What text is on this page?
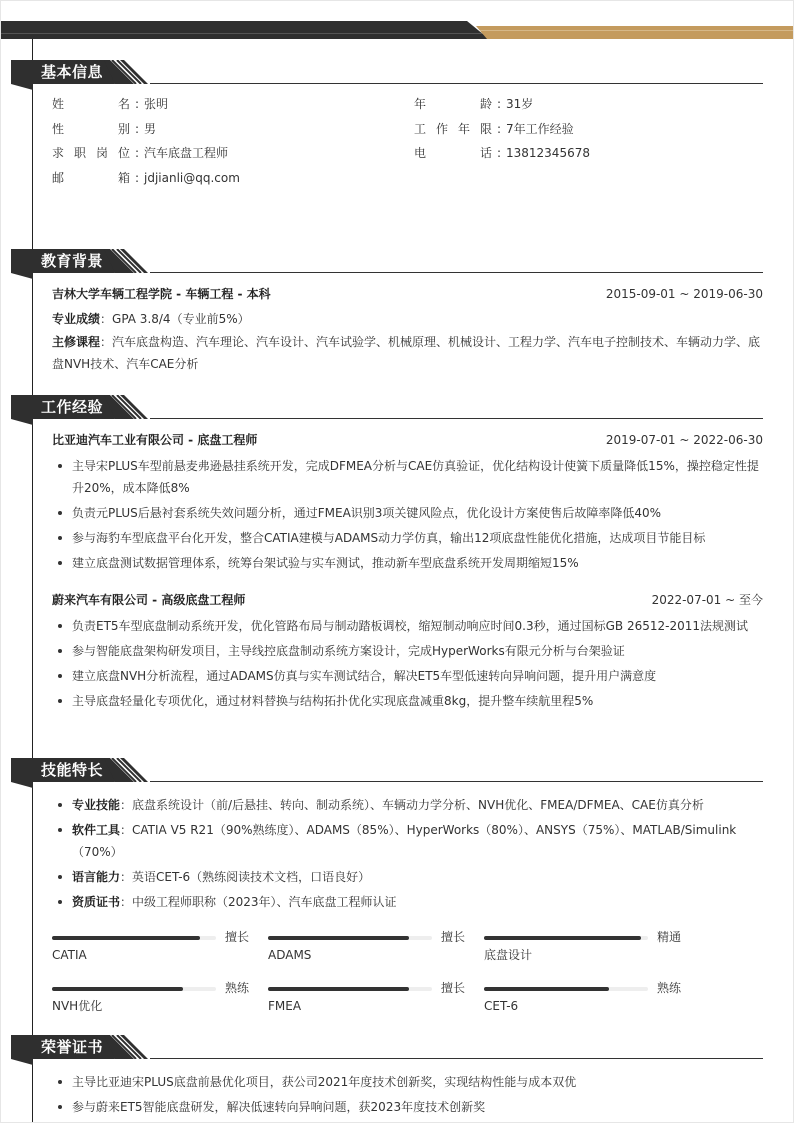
基本信息
姓名 : 张明
性别 : 男
求职岗位 : 汽车底盘工程师
邮箱 : jdjianli@qq.com
年龄 : 31岁
工作年限 : 7年工作经验
电话 : 13812345678
教育背景
吉林大学车辆工程学院 - 车辆工程 - 本科	2015-09-01 ~ 2019-06-30
专业成绩：GPA 3.8/4（专业前5%）
主修课程：汽车底盘构造、汽车理论、汽车设计、汽车试验学、机械原理、机械设计、工程力学、汽车电子控制技术、车辆动力学、底盘NVH技术、汽车CAE分析
工作经验
比亚迪汽车工业有限公司 - 底盘工程师	2019-07-01 ~ 2022-06-30
主导宋PLUS车型前悬麦弗逊悬挂系统开发，完成DFMEA分析与CAE仿真验证，优化结构设计使簧下质量降低15%，操控稳定性提升20%，成本降低8%
负责元PLUS后悬衬套系统失效问题分析，通过FMEA识别3项关键风险点，优化设计方案使售后故障率降低40%
参与海豹车型底盘平台化开发，整合CATIA建模与ADAMS动力学仿真，输出12项底盘性能优化措施，达成项目节能目标
建立底盘测试数据管理体系，统筹台架试验与实车测试，推动新车型底盘系统开发周期缩短15%
蔚来汽车有限公司 - 高级底盘工程师	2022-07-01 ~ 至今
负责ET5车型底盘制动系统开发，优化管路布局与制动踏板调校，缩短制动响应时间0.3秒，通过国标GB 26512-2011法规测试
参与智能底盘架构研发项目，主导线控底盘制动系统方案设计，完成HyperWorks有限元分析与台架验证
建立底盘NVH分析流程，通过ADAMS仿真与实车测试结合，解决ET5车型低速转向异响问题，提升用户满意度
主导底盘轻量化专项优化，通过材料替换与结构拓扑优化实现底盘减重8kg，提升整车续航里程5%
技能特长
专业技能：底盘系统设计（前/后悬挂、转向、制动系统）、车辆动力学分析、NVH优化、FMEA/DFMEA、CAE仿真分析
软件工具：CATIA V5 R21（90%熟练度）、ADAMS（85%）、HyperWorks（80%）、ANSYS（75%）、MATLAB/Simulink（70%）
语言能力：英语CET-6（熟练阅读技术文档，口语良好）
资质证书：中级工程师职称（2023年）、汽车底盘工程师认证
擅长
CATIA
擅长
ADAMS
精通
底盘设计
熟练
NVH优化
擅长
FMEA
熟练
CET-6
荣誉证书
主导比亚迪宋PLUS底盘前悬优化项目，获公司2021年度技术创新奖，实现结构性能与成本双优
参与蔚来ET5智能底盘研发，解决低速转向异响问题，获2023年度技术创新奖
